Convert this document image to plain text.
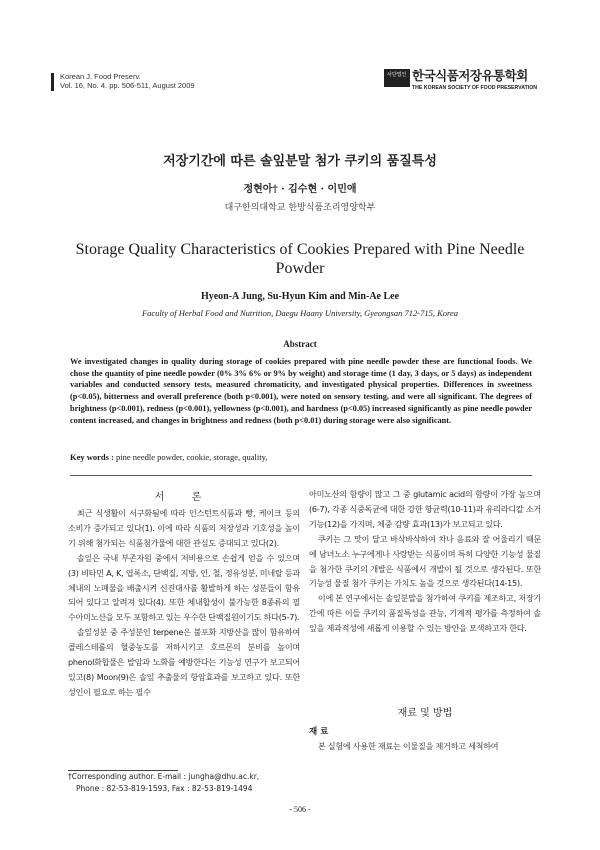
Korean J. Food Preserv.
Vol. 16, No. 4. pp. 506-511, August 2009
사단법인 한국식품저장유통학회
THE KOREAN SOCIETY OF FOOD PRESERVATION
저장기간에 따른 솔잎분말 첨가 쿠키의 품질특성
정현아† · 김수현 · 이민애
대구한의대학교 한방식품조리영양학부
Storage Quality Characteristics of Cookies Prepared with Pine Needle Powder
Hyeon-A Jung, Su-Hyun Kim and Min-Ae Lee
Faculty of Herbal Food and Nutrition, Daegu Haany University, Gyeongsan 712-715, Korea
Abstract
We investigated changes in quality during storage of cookies prepared with pine needle powder these are functional foods. We chose the quantity of pine needle powder (0% 3% 6% or 9% by weight) and storage time (1 day, 3 days, or 5 days) as independent variables and conducted sensory tests, measured chromaticity, and investigated physical properties. Differences in sweetness (p<0.05), bitterness and overall preference (both p<0.001), were noted on sensory testing, and were all significant. The degrees of brightness (p<0.001), redness (p<0.001), yellowness (p<0.001), and hardness (p<0.05) increased significantly as pine needle powder content increased, and changes in brightness and redness (both p<0.01) during storage were also significant.
Key words : pine needle powder, cookie, storage, quality,
서 론

최근 식생활이 서구화됨에 따라 인스턴트식품과 빵, 케이크 등의 소비가 증가되고 있다(1). 이에 따라 식품의 저장성과 기호성을 높이기 위해 첨가되는 식품첨가물에 대한 관심도 증대되고 있다(2).

솔잎은 국내 부존자원 중에서 저비용으로 손쉽게 얻을 수 있으며(3) 비타민 A, K, 엽록소, 단백질, 지방, 인, 철, 정유성분, 미네랄 등과 체내의 노폐물을 배출시켜 신진대사를 활발하게 하는 성분들이 함유되어 있다고 알려져 있다(4). 또한 체내합성이 불가능한 8종류의 필수아미노산을 모두 포함하고 있는 우수한 단백질원이기도 하다(5-7).

솔잎성분 중 주성분인 terpene은 불포화 지방산을 많이 함유하여 콜레스테롤의 혈중농도를 저하시키고 호르몬의 분비를 높이며 phenol화합물은 발암과 노화를 예방한다는 기능성 연구가 보고되어 있고(8) Moon(9)은 솔잎 추출물의 항암효과를 보고하고 있다. 또한 성인이 필요로 하는 필수

아미노산의 함량이 많고 그 중 glutamic acid의 함량이 가장 높으며(6-7), 각종 식중독균에 대한 강한 항균력(10-11)과 유리라디칼 소거기능(12)을 가지며, 체중 감량 효과(13)가 보고되고 있다.

쿠키는 그 맛이 달고 바삭바삭하여 차나 음료와 잘 어울리기 때문에 남녀노소 누구에게나 사랑받는 식품이며 특히 다양한 기능성 물질을 첨가한 쿠키의 개발은 식품에서 개발이 될 것으로 생각된다. 또한 기능성 물질 첨가 쿠키는 가치도 높을 것으로 생각된다(14-15).

이에 본 연구에서는 솔잎분말을 첨가하여 쿠키를 제조하고, 저장기간에 따른 이들 쿠키의 품질특성을 관능, 기계적 평가를 측정하여 솔잎을 제과적성에 새롭게 이용할 수 있는 방안을 모색하고자 한다.

재료 및 방법
재 료

본 실험에 사용한 재료는 이물질을 제거하고 세척하여

†Corresponding author. E-mail : jungha@dhu.ac.kr,
Phone : 82-53-819-1593, Fax : 82-53-819-1494
- 506 -
